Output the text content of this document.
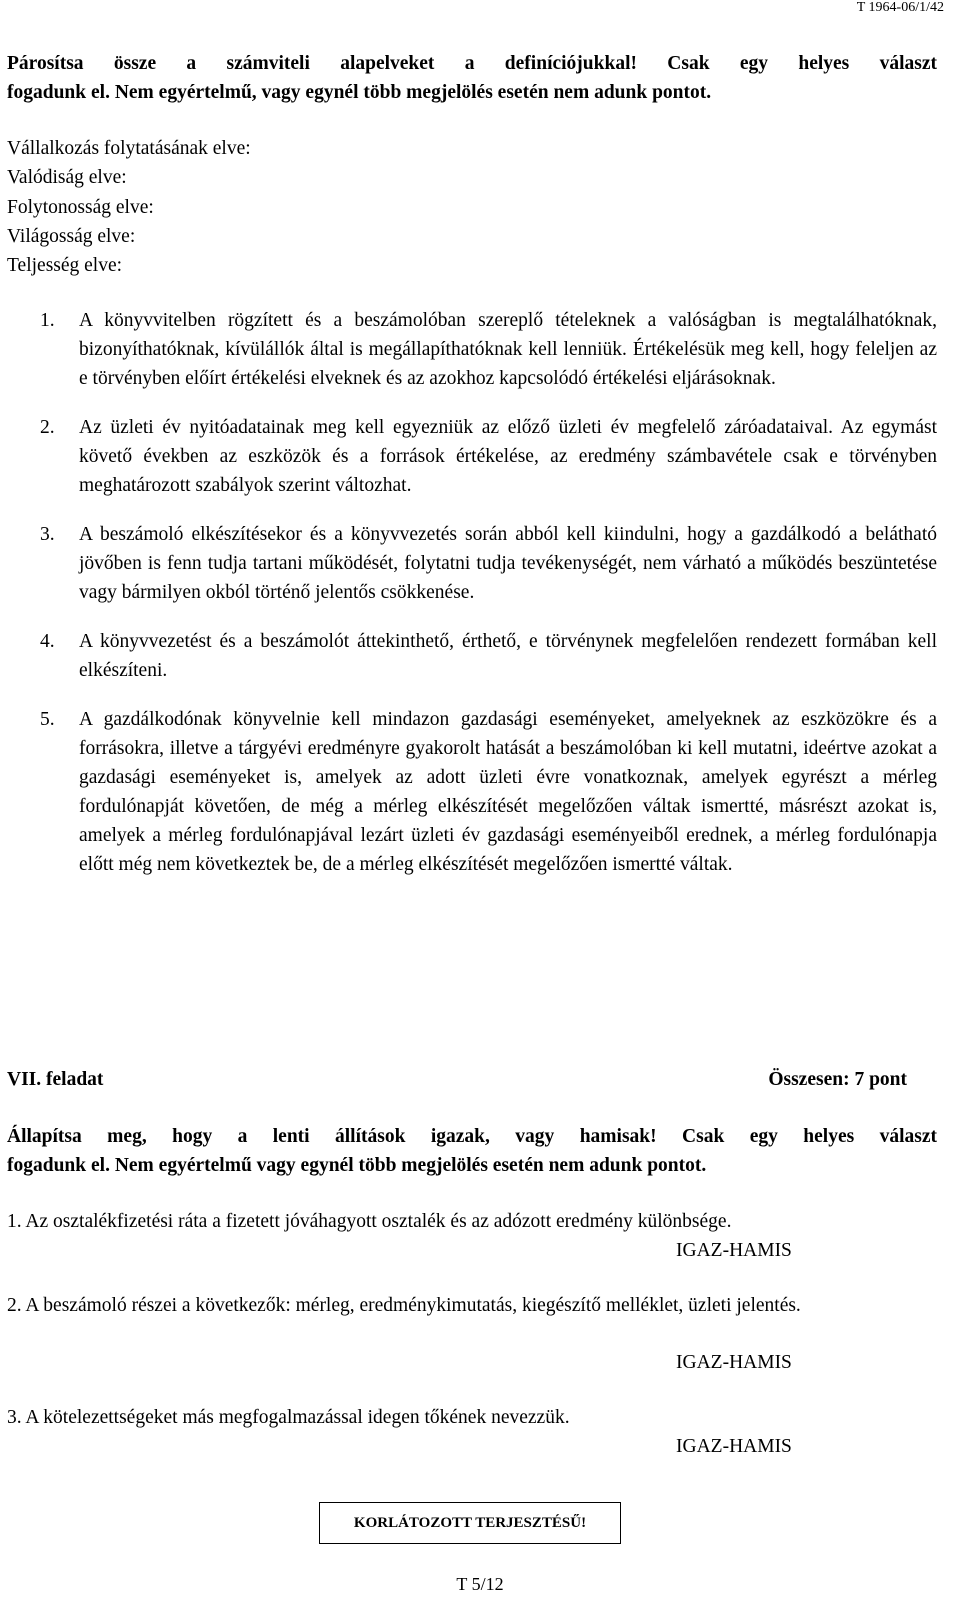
T 1964-06/1/42
Párosítsa össze a számviteli alapelveket a definíciójukkal! Csak egy helyes választ
fogadunk el. Nem egyértelmű, vagy egynél több megjelölés esetén nem adunk pontot.
Vállalkozás folytatásának elve:
Valódiság elve:
Folytonosság elve:
Világosság elve:
Teljesség elve:
1.	A könyvvitelben rögzített és a beszámolóban szereplő tételeknek a valóságban is megtalálhatóknak, bizonyíthatóknak, kívülállók által is megállapíthatóknak kell lenniük. Értékelésük meg kell, hogy feleljen az e törvényben előírt értékelési elveknek és az azokhoz kapcsolódó értékelési eljárásoknak.
2.	Az üzleti év nyitóadatainak meg kell egyezniük az előző üzleti év megfelelő záróadataival. Az egymást követő években az eszközök és a források értékelése, az eredmény számbavétele csak e törvényben meghatározott szabályok szerint változhat.
3.	A beszámoló elkészítésekor és a könyvvezetés során abból kell kiindulni, hogy a gazdálkodó a belátható jövőben is fenn tudja tartani működését, folytatni tudja tevékenységét, nem várható a működés beszüntetése vagy bármilyen okból történő jelentős csökkenése.
4.	A könyvvezetést és a beszámolót áttekinthető, érthető, e törvénynek megfelelően rendezett formában kell elkészíteni.
5.	A gazdálkodónak könyvelnie kell mindazon gazdasági eseményeket, amelyeknek az eszközökre és a forrásokra, illetve a tárgyévi eredményre gyakorolt hatását a beszámolóban ki kell mutatni, ideértve azokat a gazdasági eseményeket is, amelyek az adott üzleti évre vonatkoznak, amelyek egyrészt a mérleg fordulónapját követően, de még a mérleg elkészítését megelőzően váltak ismertté, másrészt azokat is, amelyek a mérleg fordulónapjával lezárt üzleti év gazdasági eseményeiből erednek, a mérleg fordulónapja előtt még nem következtek be, de a mérleg elkészítését megelőzően ismertté váltak.
VII. feladat	Összesen: 7 pont
Állapítsa meg, hogy a lenti állítások igazak, vagy hamisak! Csak egy helyes választ
fogadunk el. Nem egyértelmű vagy egynél több megjelölés esetén nem adunk pontot.
1. Az osztalékfizetési ráta a fizetett jóváhagyott osztalék és az adózott eredmény különbsége.
IGAZ-HAMIS
2. A beszámoló részei a következők: mérleg, eredménykimutatás, kiegészítő melléklet, üzleti jelentés.
IGAZ-HAMIS
3. A kötelezettségeket más megfogalmazással idegen tőkének nevezzük.
IGAZ-HAMIS
KORLÁTOZOTT TERJESZTÉSŰ!
T 5/12
